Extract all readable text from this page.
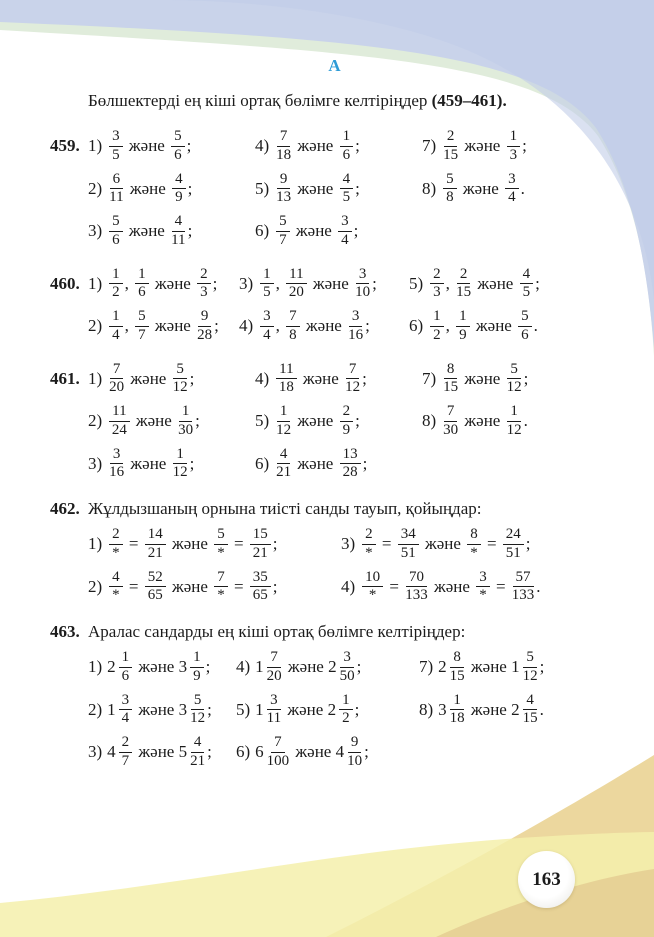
А

Бөлшектерді ең кіші ортақ бөлімге келтіріңдер (459–461).

459. $1) \frac{3}{5}$ және $\frac{5}{6}$ ;	$4) \frac{7}{18}$ және $\frac{1}{6}$ ;	$7) \frac{2}{15}$ және $\frac{1}{3}$ ;
$2) \frac{6}{11}$ және $\frac{4}{9}$ ;	$5) \frac{9}{13}$ және $\frac{4}{5}$ ;	$8) \frac{5}{8}$ және $\frac{3}{4}$ .
$3) \frac{5}{6}$ және $\frac{4}{11}$ ;	$6) \frac{5}{7}$ және $\frac{3}{4}$ ;
460. $1) \frac{1}{2}$ , $\frac{1}{6}$ және $\frac{2}{3}$ ; $3) \frac{1}{5}$ , $\frac{11}{20}$ және $\frac{3}{10}$ ; $5) \frac{2}{3}$ , $\frac{2}{15}$ және $\frac{4}{5}$ ;
$2) \frac{1}{4}$ , $\frac{5}{7}$ және $\frac{9}{28}$ ; $4) \frac{3}{4}$ , $\frac{7}{8}$ және $\frac{3}{16}$ ; $6) \frac{1}{2}$ , $\frac{1}{9}$ және $\frac{5}{6}$ .
461. $1) \frac{7}{20}$ және $\frac{5}{12}$ ;	$4) \frac{11}{18}$ және $\frac{7}{12}$ ;	$7) \frac{8}{15}$ және $\frac{5}{12}$ ;
$2) \frac{11}{24}$ және $\frac{1}{30}$ ;	$5) \frac{1}{12}$ және $\frac{2}{9}$ ;	$8) \frac{7}{30}$ және $\frac{1}{12}$ .
$3) \frac{3}{16}$ және $\frac{1}{12}$ ;	$6) \frac{4}{21}$ және $\frac{13}{28}$ ;
462. Жұлдызшаның орнына тиісті санды тауып, қойыңдар:
$1) \frac{2}{*} = \frac{14}{21}$ және $\frac{5}{*} = \frac{15}{21}$ ;	$3) \frac{2}{*} = \frac{34}{51}$ және $\frac{8}{*} = \frac{24}{51}$ ;
$2) \frac{4}{*} = \frac{52}{65}$ және $\frac{7}{*} = \frac{35}{65}$ ;	$4) \frac{10}{*} = \frac{70}{133}$ және $\frac{3}{*} = \frac{57}{133}$ .
463. Аралас сандарды ең кіші ортақ бөлімге келтіріңдер:
1) $2 \frac{1}{6}$ және $3 \frac{1}{9}$ ; 4) $1 \frac{7}{20}$ және $2 \frac{3}{50}$ ;	7) $2 \frac{8}{15}$ және $1 \frac{5}{12}$ ;
2) $1 \frac{3}{4}$ және $3 \frac{5}{12}$ ; 5) $1 \frac{3}{11}$ және $2 \frac{1}{2}$ ;	8) $3 \frac{1}{18}$ және $2 \frac{4}{15}$ .
3) $4 \frac{2}{7}$ және $5 \frac{4}{21}$ ; 6) $6 \frac{7}{100}$ және $4 \frac{9}{10}$ ;
163
